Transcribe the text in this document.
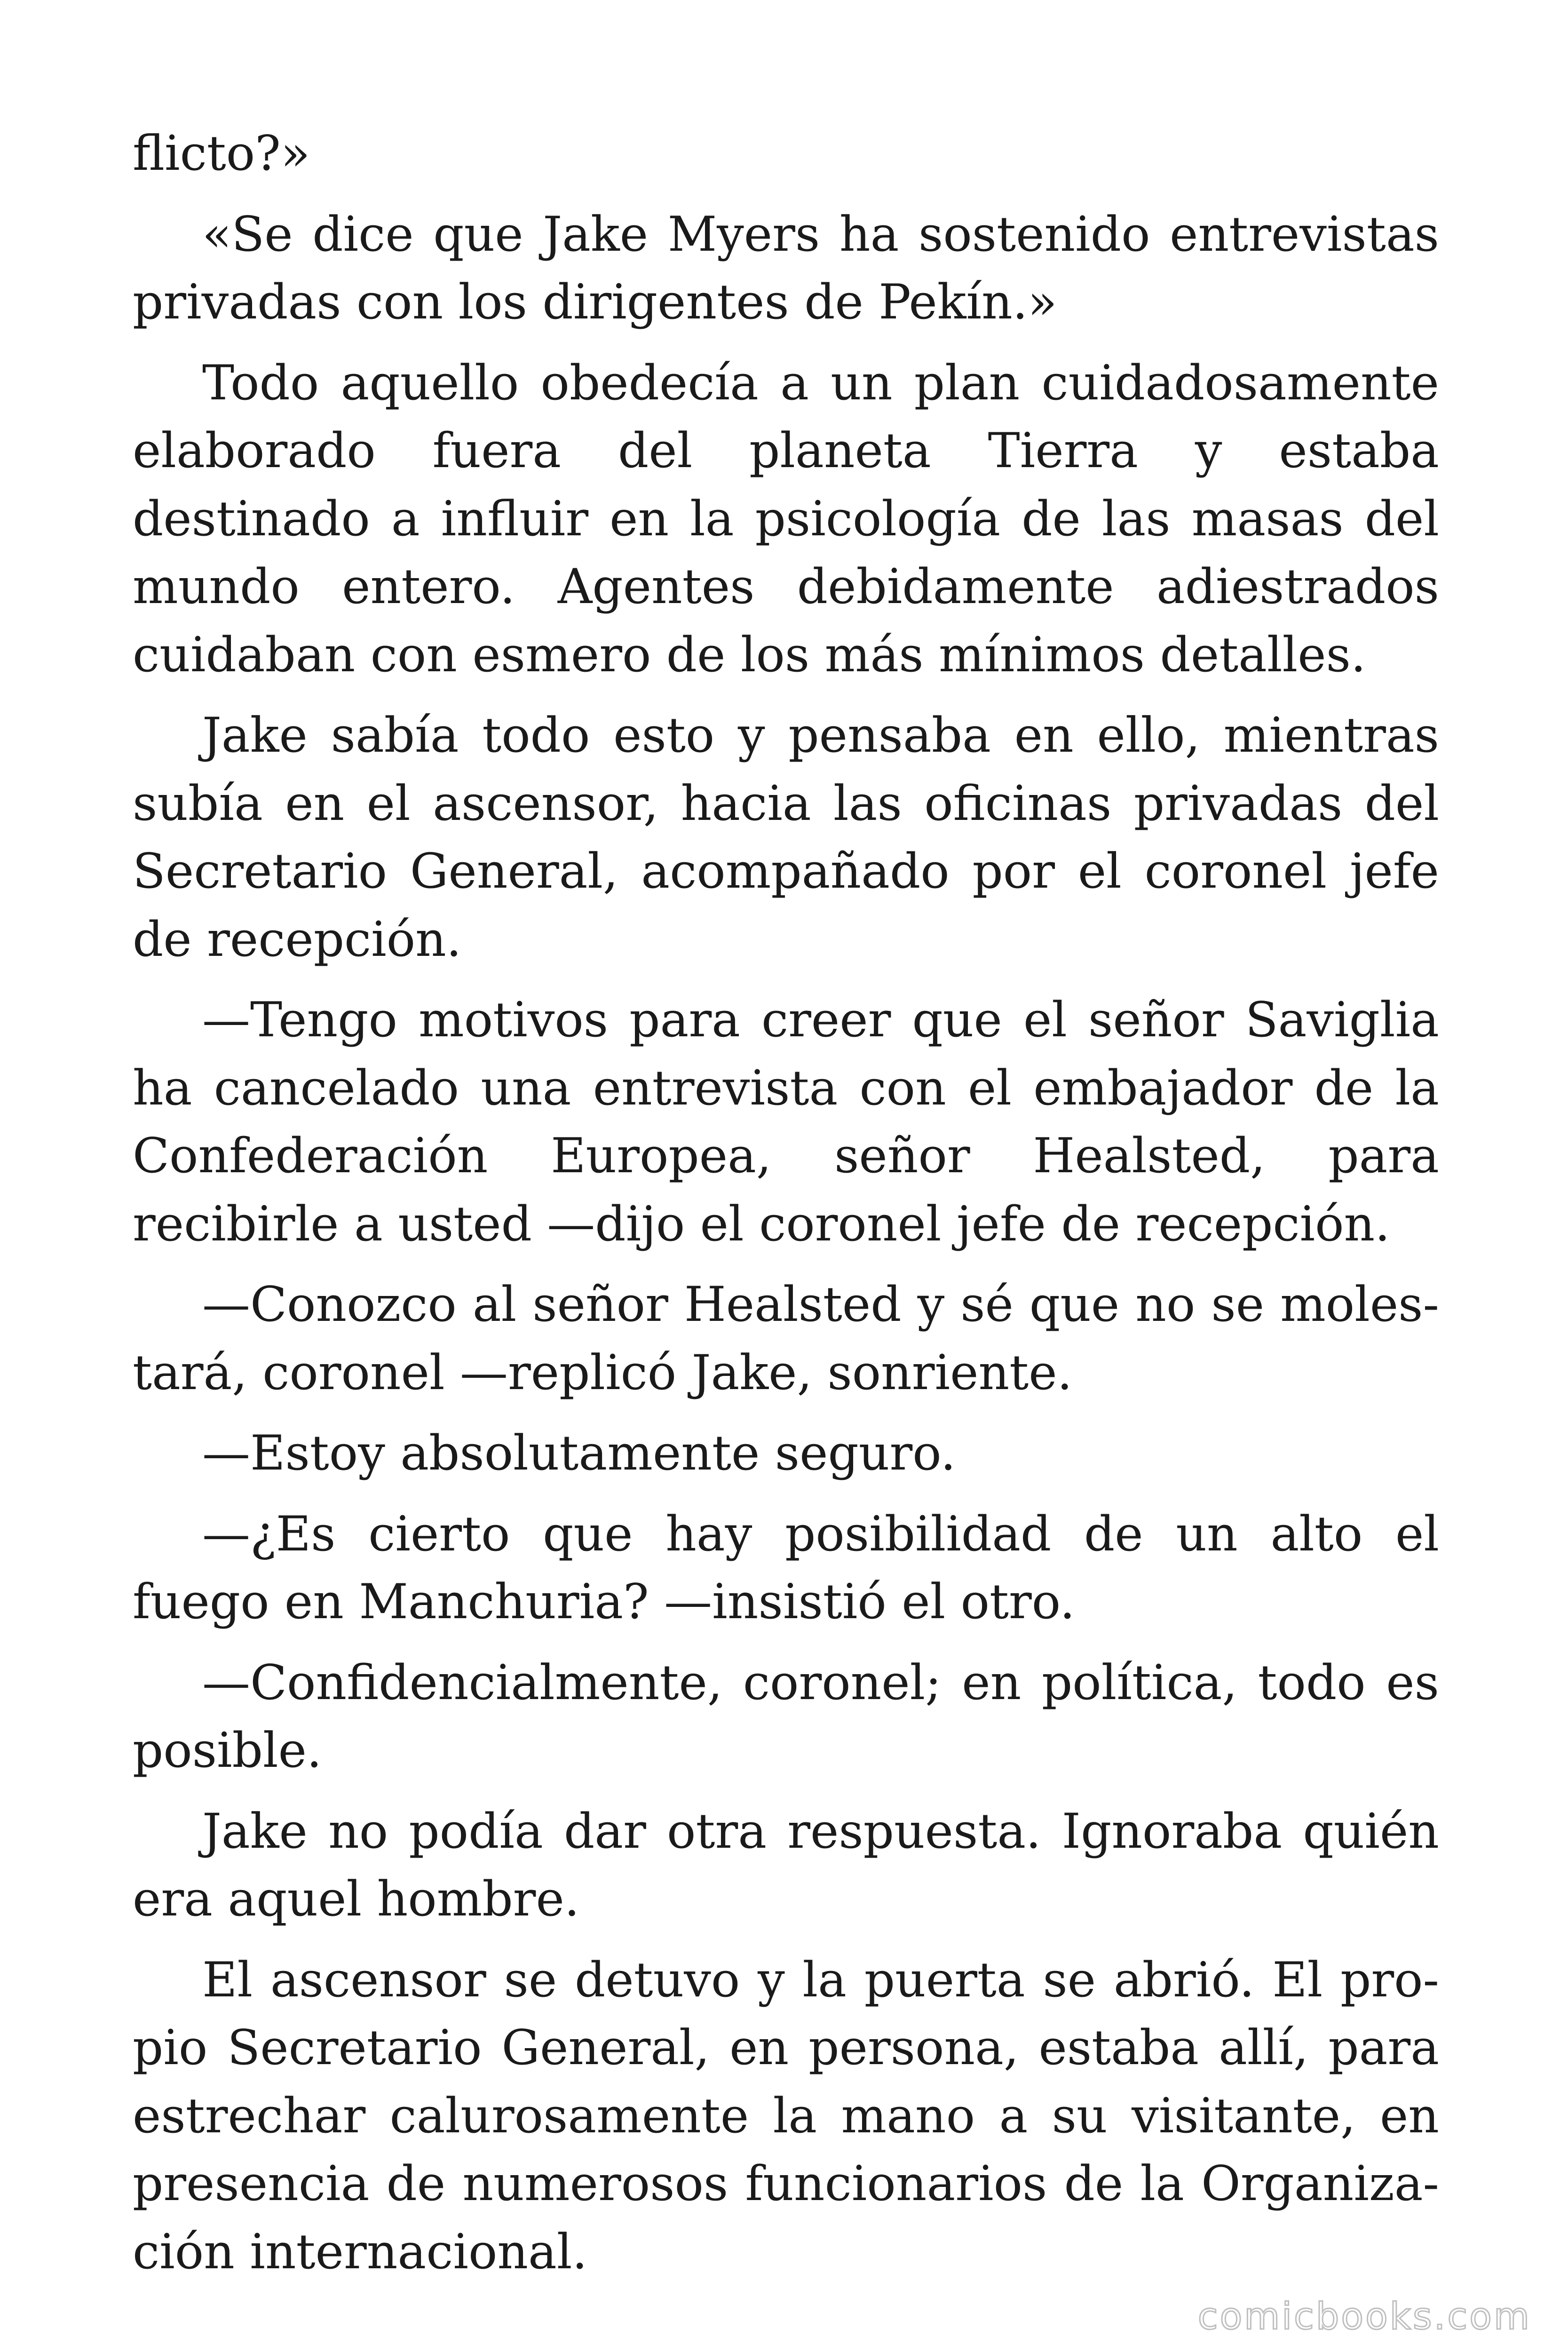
flicto?»

«Se dice que Jake Myers ha sostenido entrevistas privadas con los dirigentes de Pekín.»

Todo aquello obedecía a un plan cuidadosamente elaborado fuera del planeta Tierra y estaba destinado a influir en la psicología de las masas del mundo entero. Agentes debidamente adiestrados cuidaban con esmero de los más mínimos detalles.

Jake sabía todo esto y pensaba en ello, mientras subía en el ascensor, hacia las oficinas privadas del Secretario General, acompañado por el coronel jefe de recepción.

—Tengo motivos para creer que el señor Saviglia ha cancelado una entrevista con el embajador de la Confederación Europea, señor Healsted, para recibirle a usted —dijo el coronel jefe de recepción.

—Conozco al señor Healsted y sé que no se molestará, coronel —replicó Jake, sonriente.

—Estoy absolutamente seguro.

—¿Es cierto que hay posibilidad de un alto el fuego en Manchuria? —insistió el otro.

—Confidencialmente, coronel; en política, todo es posible.

Jake no podía dar otra respuesta. Ignoraba quién era aquel hombre.

El ascensor se detuvo y la puerta se abrió. El propio Secretario General, en persona, estaba allí, para estrechar calurosamente la mano a su visitante, en presencia de numerosos funcionarios de la Organización internacional.

comicbooks.com
